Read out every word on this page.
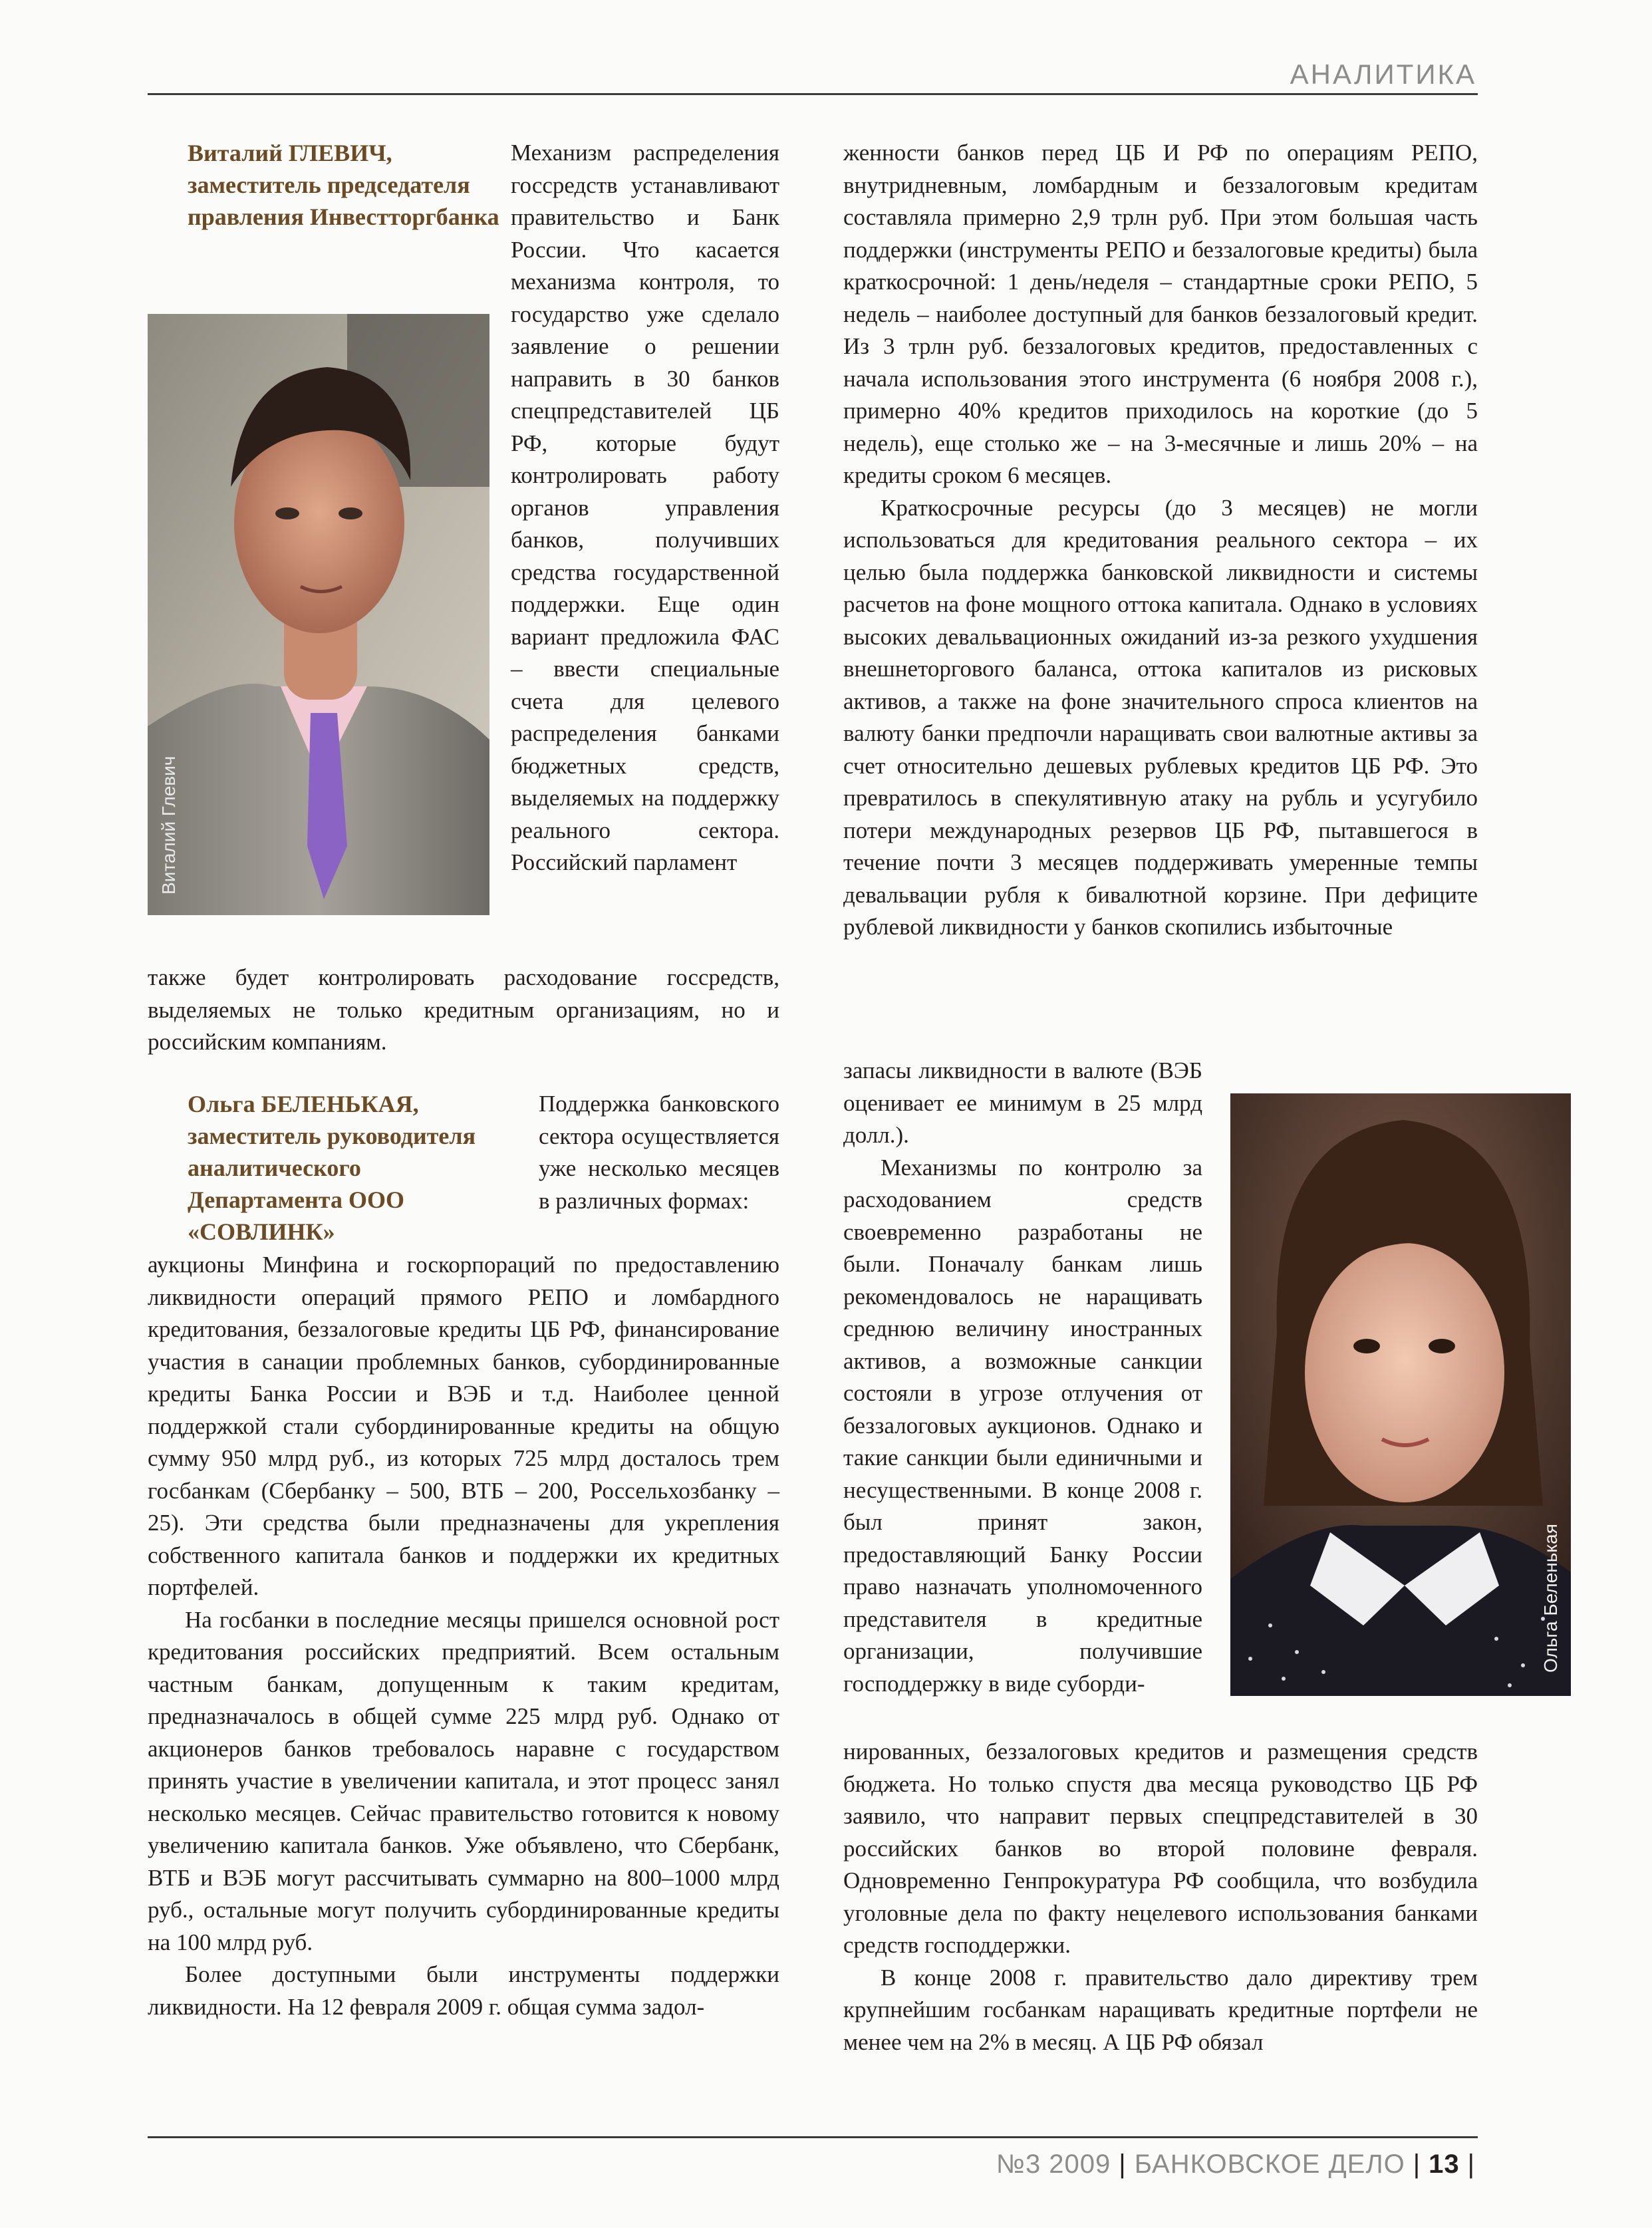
АНАЛИТИКА
Виталий ГЛЕВИЧ,
заместитель председателя правления Инвестторгбанка
Виталий Глевич

Механизм распределения госсредств устанавливают правительство и Банк России. Что касается механизма контроля, то государство уже сделало заявление о решении направить в 30 банков спецпредставителей ЦБ РФ, которые будут контролировать работу органов управления банков, получивших средства государственной поддержки. Еще один вариант предложила ФАС – ввести специальные счета для целевого распределения банками бюджетных средств, выделяемых на поддержку реального сектора. Российский парламент

также будет контролировать расходование госсредств, выделяемых не только кредитным организациям, но и российским компаниям.

Ольга БЕЛЕНЬКАЯ,
заместитель руководителя аналитического Департамента ООО «СОВЛИНК»

Поддержка банковского сектора осуществляется уже несколько месяцев в различных формах:

аукционы Минфина и госкорпораций по предоставлению ликвидности операций прямого РЕПО и ломбардного кредитования, беззалоговые кредиты ЦБ РФ, финансирование участия в санации проблемных банков, субординированные кредиты Банка России и ВЭБ и т.д. Наиболее ценной поддержкой стали субординированные кредиты на общую сумму 950 млрд руб., из которых 725 млрд досталось трем госбанкам (Сбербанку – 500, ВТБ – 200, Россельхозбанку – 25). Эти средства были предназначены для укрепления собственного капитала банков и поддержки их кредитных портфелей.

На госбанки в последние месяцы пришелся основной рост кредитования российских предприятий. Всем остальным частным банкам, допущенным к таким кредитам, предназначалось в общей сумме 225 млрд руб. Однако от акционеров банков требовалось наравне с государством принять участие в увеличении капитала, и этот процесс занял несколько месяцев. Сейчас правительство готовится к новому увеличению капитала банков. Уже объявлено, что Сбербанк, ВТБ и ВЭБ могут рассчитывать суммарно на 800–1000 млрд руб., остальные могут получить субординированные кредиты на 100 млрд руб.

Более доступными были инструменты поддержки ликвидности. На 12 февраля 2009 г. общая сумма задол-

женности банков перед ЦБ И РФ по операциям РЕПО, внутридневным, ломбардным и беззалоговым кредитам составляла примерно 2,9 трлн руб. При этом большая часть поддержки (инструменты РЕПО и беззалоговые кредиты) была краткосрочной: 1 день/неделя – стандартные сроки РЕПО, 5 недель – наиболее доступный для банков беззалоговый кредит. Из 3 трлн руб. беззалоговых кредитов, предоставленных с начала использования этого инструмента (6 ноября 2008 г.), примерно 40% кредитов приходилось на короткие (до 5 недель), еще столько же – на 3-месячные и лишь 20% – на кредиты сроком 6 месяцев.

Краткосрочные ресурсы (до 3 месяцев) не могли использоваться для кредитования реального сектора – их целью была поддержка банковской ликвидности и системы расчетов на фоне мощного оттока капитала. Однако в условиях высоких девальвационных ожиданий из-за резкого ухудшения внешнеторгового баланса, оттока капиталов из рисковых активов, а также на фоне значительного спроса клиентов на валюту банки предпочли наращивать свои валютные активы за счет относительно дешевых рублевых кредитов ЦБ РФ. Это превратилось в спекулятивную атаку на рубль и усугубило потери международных резервов ЦБ РФ, пытавшегося в течение почти 3 месяцев поддерживать умеренные темпы девальвации рубля к бивалютной корзине. При дефиците рублевой ликвидности у банков скопились избыточные

запасы ликвидности в валюте (ВЭБ оценивает ее минимум в 25 млрд долл.).

Механизмы по контролю за расходованием средств своевременно разработаны не были. Поначалу банкам лишь рекомендовалось не наращивать среднюю величину иностранных активов, а возможные санкции состояли в угрозе отлучения от беззалоговых аукционов. Однако и такие санкции были единичными и несущественными. В конце 2008 г. был принят закон, предоставляющий Банку России право назначать уполномоченного представителя в кредитные организации, получившие господдержку в виде суборди-

Ольга Беленькая

нированных, беззалоговых кредитов и размещения средств бюджета. Но только спустя два месяца руководство ЦБ РФ заявило, что направит первых спецпредставителей в 30 российских банков во второй половине февраля. Одновременно Генпрокуратура РФ сообщила, что возбудила уголовные дела по факту нецелевого использования банками средств господдержки.

В конце 2008 г. правительство дало директиву трем крупнейшим госбанкам наращивать кредитные портфели не менее чем на 2% в месяц. А ЦБ РФ обязал

№3 2009 | БАНКОВСКОЕ ДЕЛО | 13 |
